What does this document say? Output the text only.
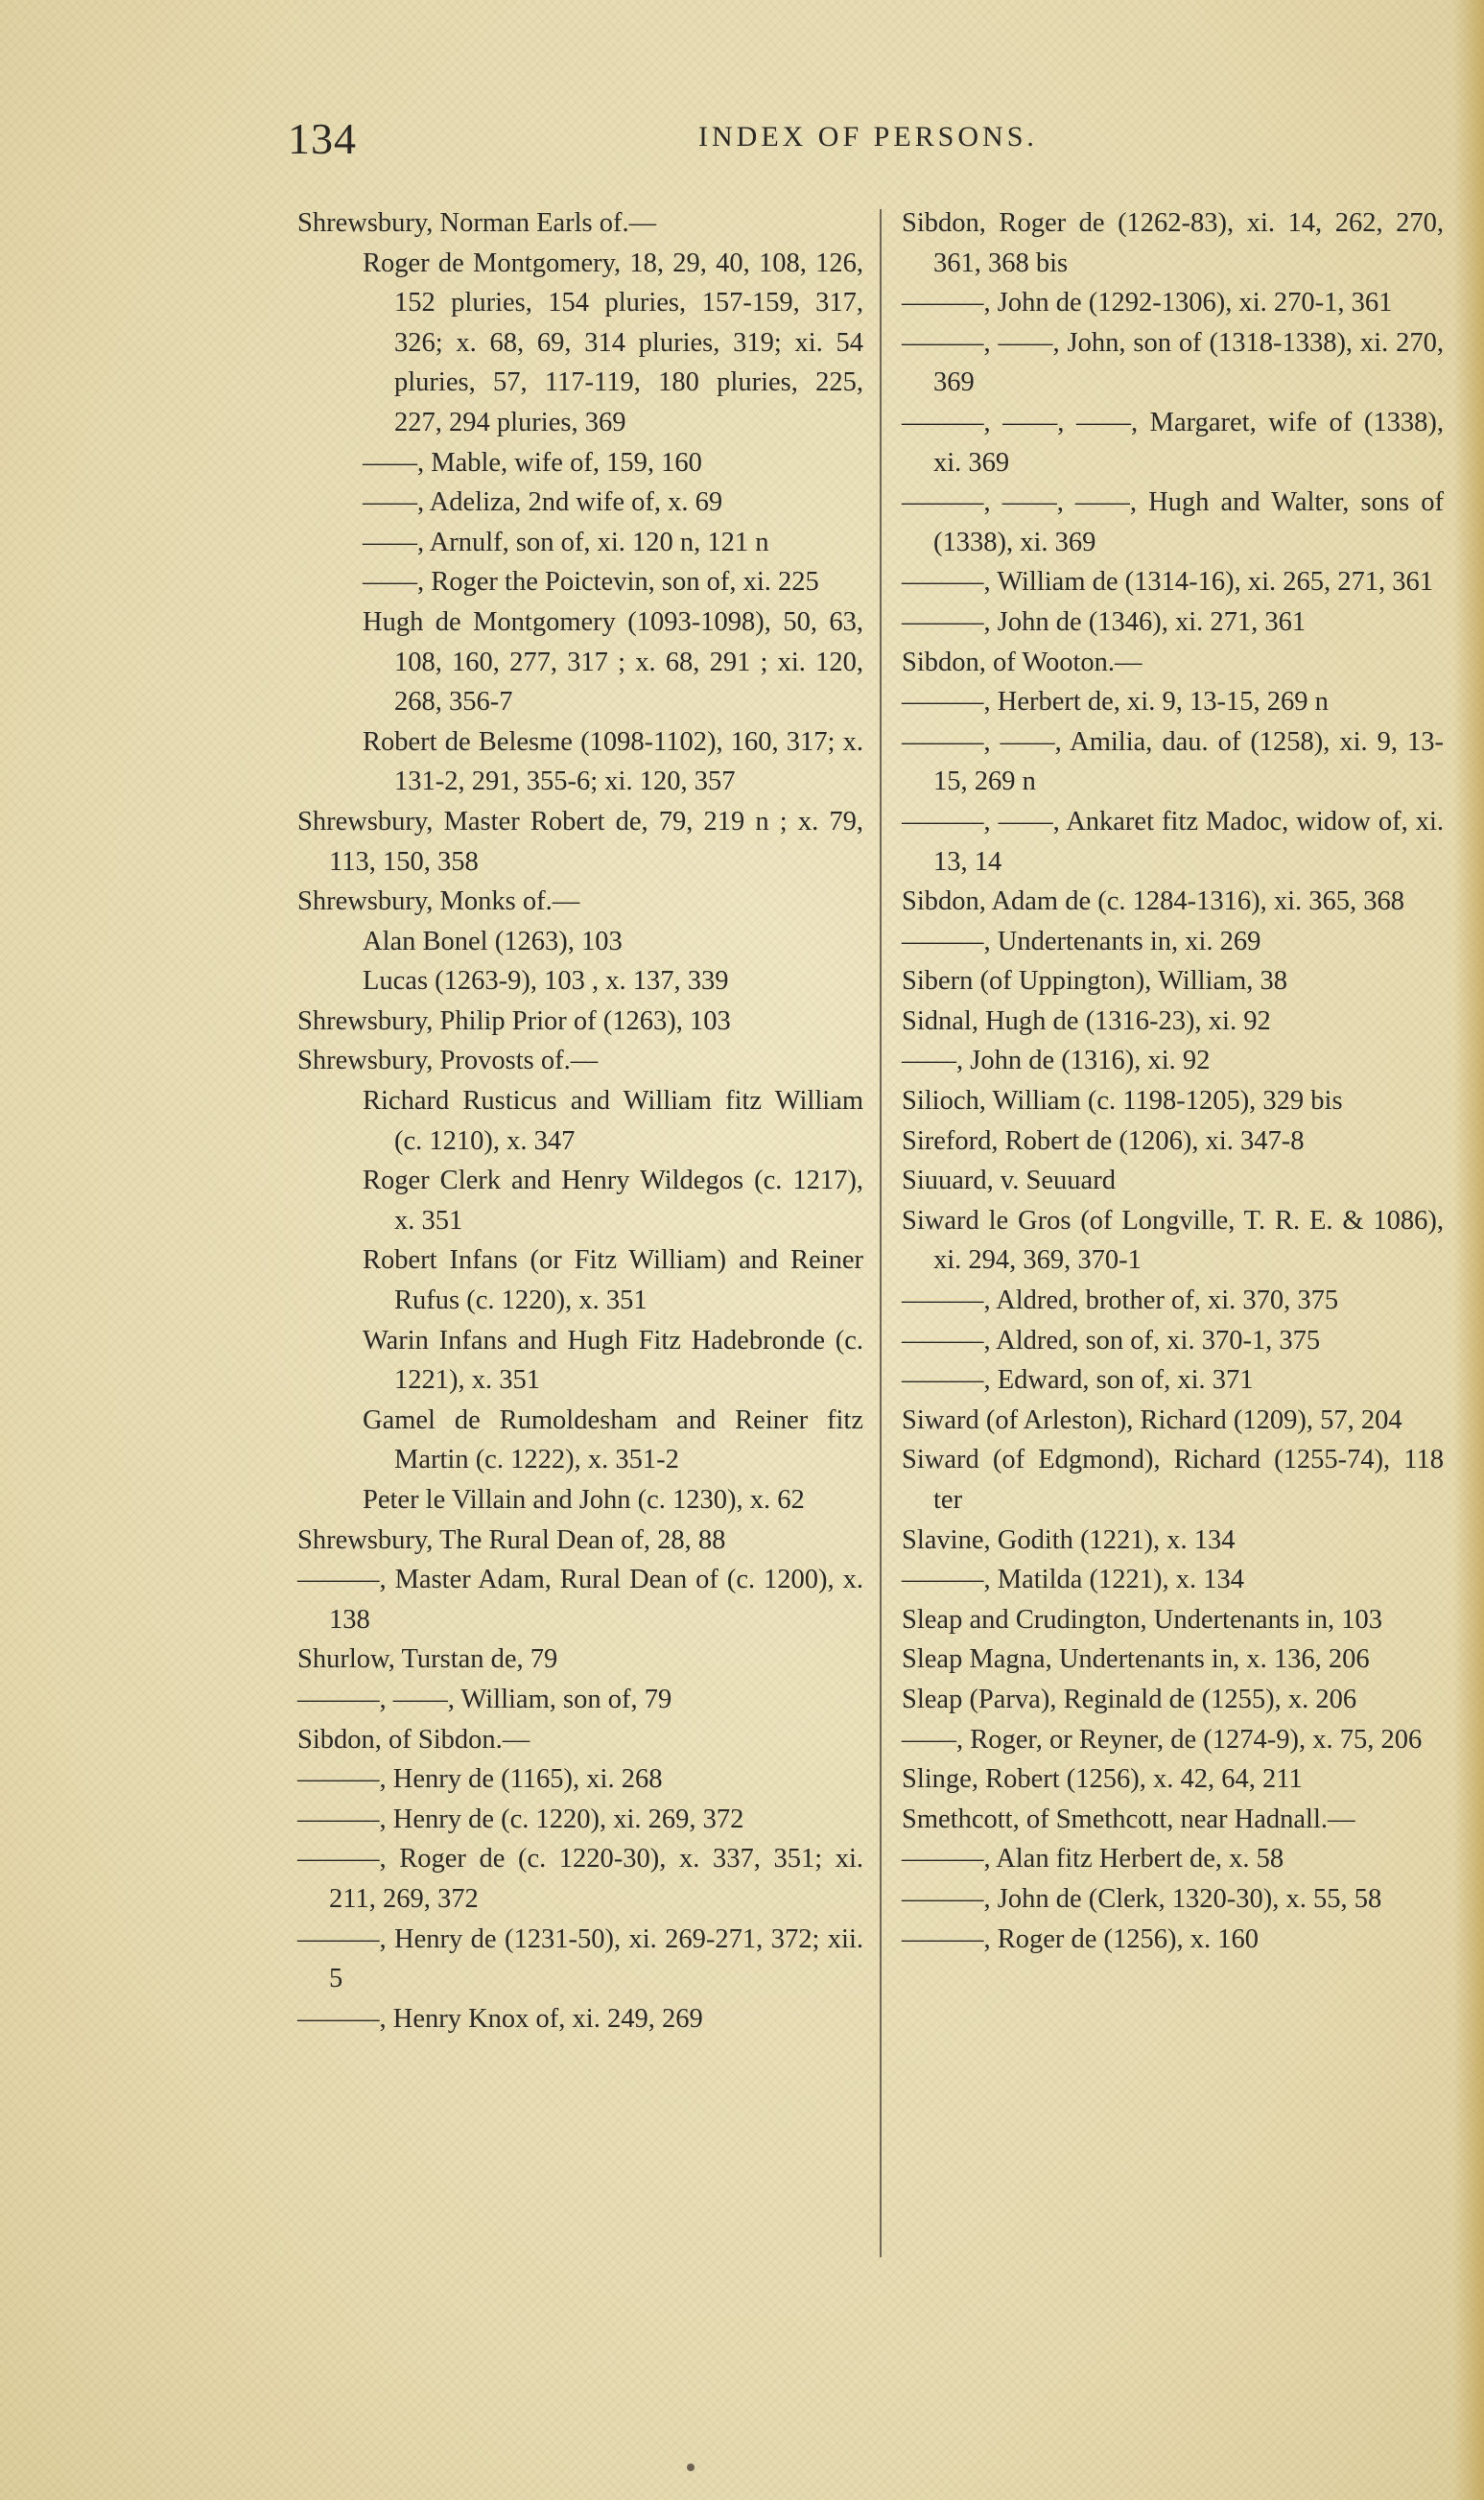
134	INDEX OF PERSONS.
Shrewsbury, Norman Earls of.—
Roger de Montgomery, 18, 29, 40, 108, 126, 152 pluries, 154 pluries, 157-159, 317, 326; x. 68, 69, 314 pluries, 319; xi. 54 pluries, 57, 117-119, 180 pluries, 225, 227, 294 pluries, 369
——, Mable, wife of, 159, 160
——, Adeliza, 2nd wife of, x. 69
——, Arnulf, son of, xi. 120 n, 121 n
——, Roger the Poictevin, son of, xi. 225
Hugh de Montgomery (1093-1098), 50, 63, 108, 160, 277, 317 ; x. 68, 291 ; xi. 120, 268, 356-7
Robert de Belesme (1098-1102), 160, 317; x. 131-2, 291, 355-6; xi. 120, 357
Shrewsbury, Master Robert de, 79, 219 n ; x. 79, 113, 150, 358
Shrewsbury, Monks of.—
Alan Bonel (1263), 103
Lucas (1263-9), 103 , x. 137, 339
Shrewsbury, Philip Prior of (1263), 103
Shrewsbury, Provosts of.—
Richard Rusticus and William fitz William (c. 1210), x. 347
Roger Clerk and Henry Wildegos (c. 1217), x. 351
Robert Infans (or Fitz William) and Reiner Rufus (c. 1220), x. 351
Warin Infans and Hugh Fitz Hadebronde (c. 1221), x. 351
Gamel de Rumoldesham and Reiner fitz Martin (c. 1222), x. 351-2
Peter le Villain and John (c. 1230), x. 62
Shrewsbury, The Rural Dean of, 28, 88
———, Master Adam, Rural Dean of (c. 1200), x. 138
Shurlow, Turstan de, 79
———, ——, William, son of, 79
Sibdon, of Sibdon.—
———, Henry de (1165), xi. 268
———, Henry de (c. 1220), xi. 269, 372
———, Roger de (c. 1220-30), x. 337, 351; xi. 211, 269, 372
———, Henry de (1231-50), xi. 269-271, 372; xii. 5
———, Henry Knox of, xi. 249, 269
Sibdon, Roger de (1262-83), xi. 14, 262, 270, 361, 368 bis
———, John de (1292-1306), xi. 270-1, 361
———, ——, John, son of (1318-1338), xi. 270, 369
———, ——, ——, Margaret, wife of (1338), xi. 369
———, ——, ——, Hugh and Walter, sons of (1338), xi. 369
———, William de (1314-16), xi. 265, 271, 361
———, John de (1346), xi. 271, 361
Sibdon, of Wooton.—
———, Herbert de, xi. 9, 13-15, 269 n
———, ——, Amilia, dau. of (1258), xi. 9, 13-15, 269 n
———, ——, Ankaret fitz Madoc, widow of, xi. 13, 14
Sibdon, Adam de (c. 1284-1316), xi. 365, 368
———, Undertenants in, xi. 269
Sibern (of Uppington), William, 38
Sidnal, Hugh de (1316-23), xi. 92
——, John de (1316), xi. 92
Silioch, William (c. 1198-1205), 329 bis
Sireford, Robert de (1206), xi. 347-8
Siuuard, v. Seuuard
Siward le Gros (of Longville, T. R. E. & 1086), xi. 294, 369, 370-1
———, Aldred, brother of, xi. 370, 375
———, Aldred, son of, xi. 370-1, 375
———, Edward, son of, xi. 371
Siward (of Arleston), Richard (1209), 57, 204
Siward (of Edgmond), Richard (1255-74), 118 ter
Slavine, Godith (1221), x. 134
———, Matilda (1221), x. 134
Sleap and Crudington, Undertenants in, 103
Sleap Magna, Undertenants in, x. 136, 206
Sleap (Parva), Reginald de (1255), x. 206
——, Roger, or Reyner, de (1274-9), x. 75, 206
Slinge, Robert (1256), x. 42, 64, 211
Smethcott, of Smethcott, near Hadnall.—
———, Alan fitz Herbert de, x. 58
———, John de (Clerk, 1320-30), x. 55, 58
———, Roger de (1256), x. 160
